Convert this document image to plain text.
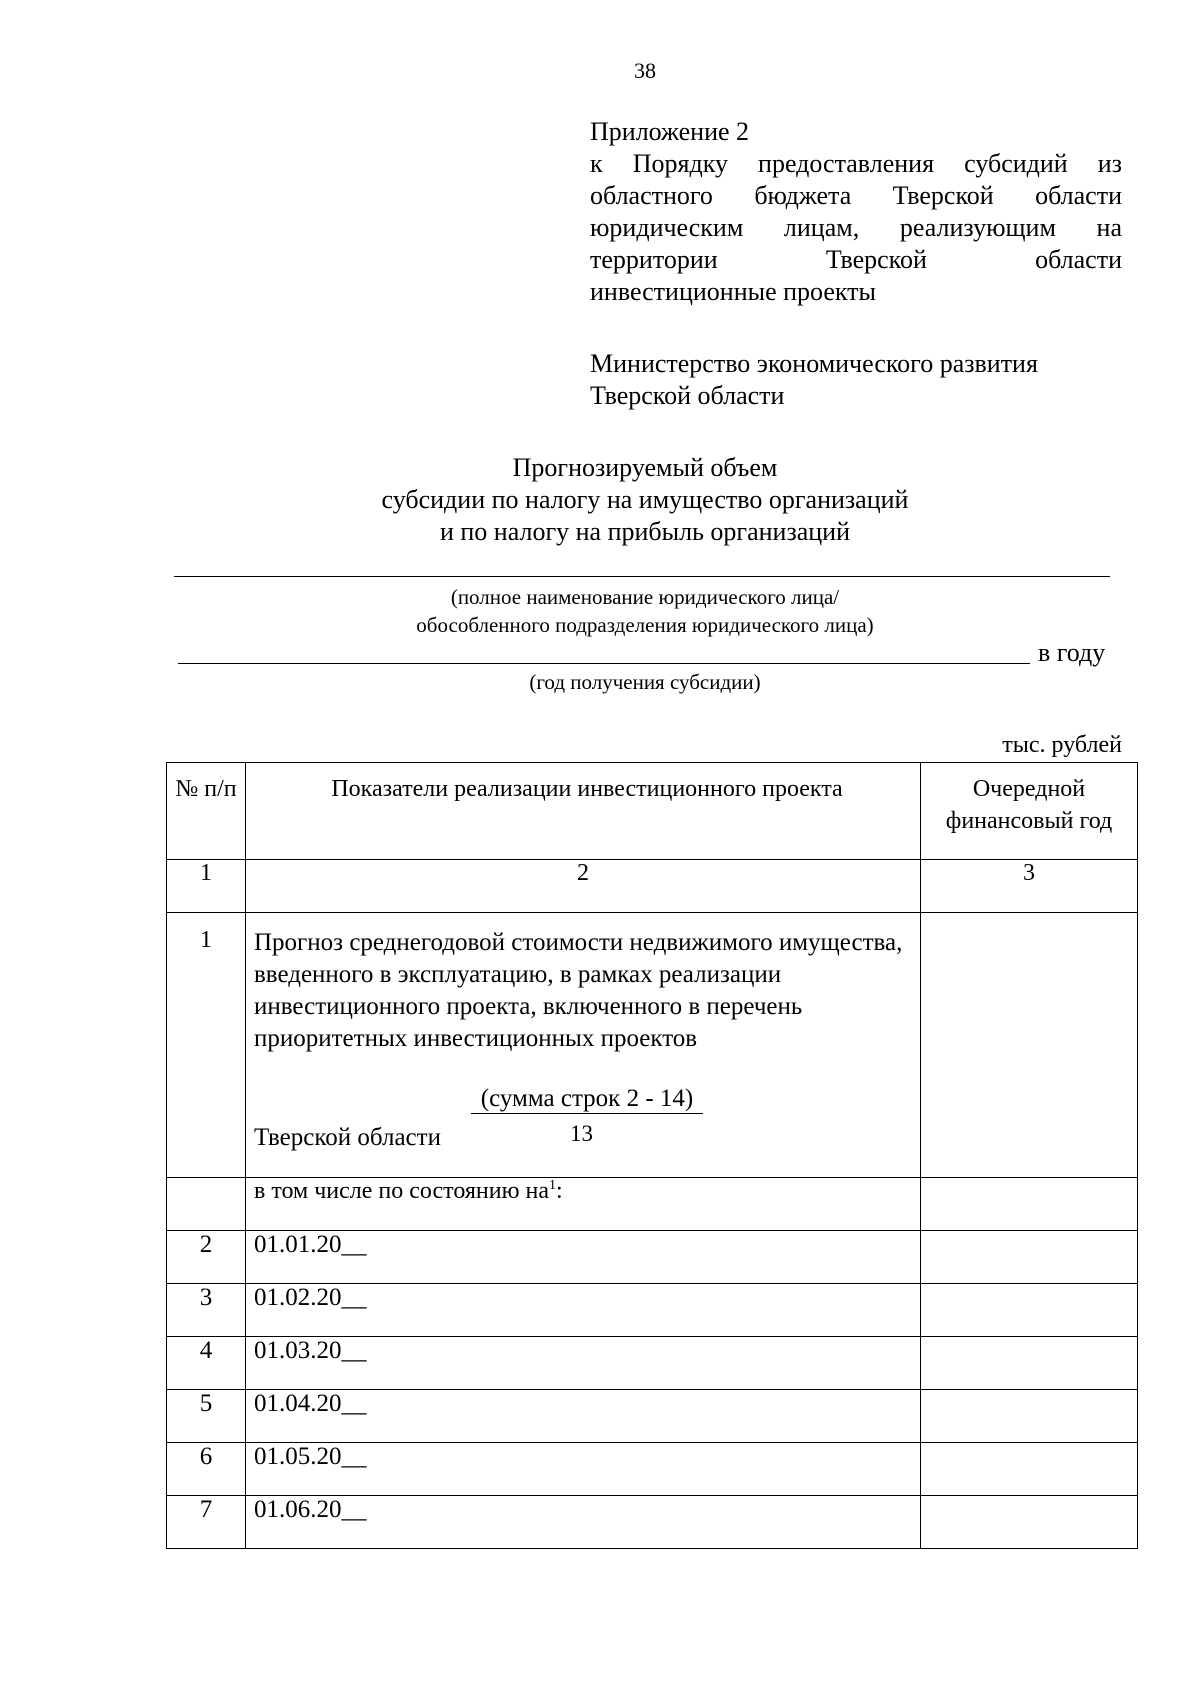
38
Приложение 2
к Порядку предоставления субсидий из
областного бюджета Тверской области
юридическим лицам, реализующим на
территории Тверской области
инвестиционные проекты
Министерство экономического развития
Тверской области
Прогнозируемый объем
субсидии по налогу на имущество организаций
и по налогу на прибыль организаций
(полное наименование юридического лица/
обособленного подразделения юридического лица)
в году
(год получения субсидии)
тыс. рублей
№ п/п	Показатели реализации инвестиционного проекта	Очередной финансовый год
1	2	3
1	Прогноз среднегодовой стоимости недвижимого имущества, введенного в эксплуатацию, в рамках реализации инвестиционного проекта, включенного в перечень приоритетных инвестиционных проектов
(сумма строк 2 - 14)
Тверской области 13	

	в том числе по состоянию $на^1$:	
2	01.01.20__	
3	01.02.20__	
4	01.03.20__	
5	01.04.20__	
6	01.05.20__	
7	01.06.20__	
